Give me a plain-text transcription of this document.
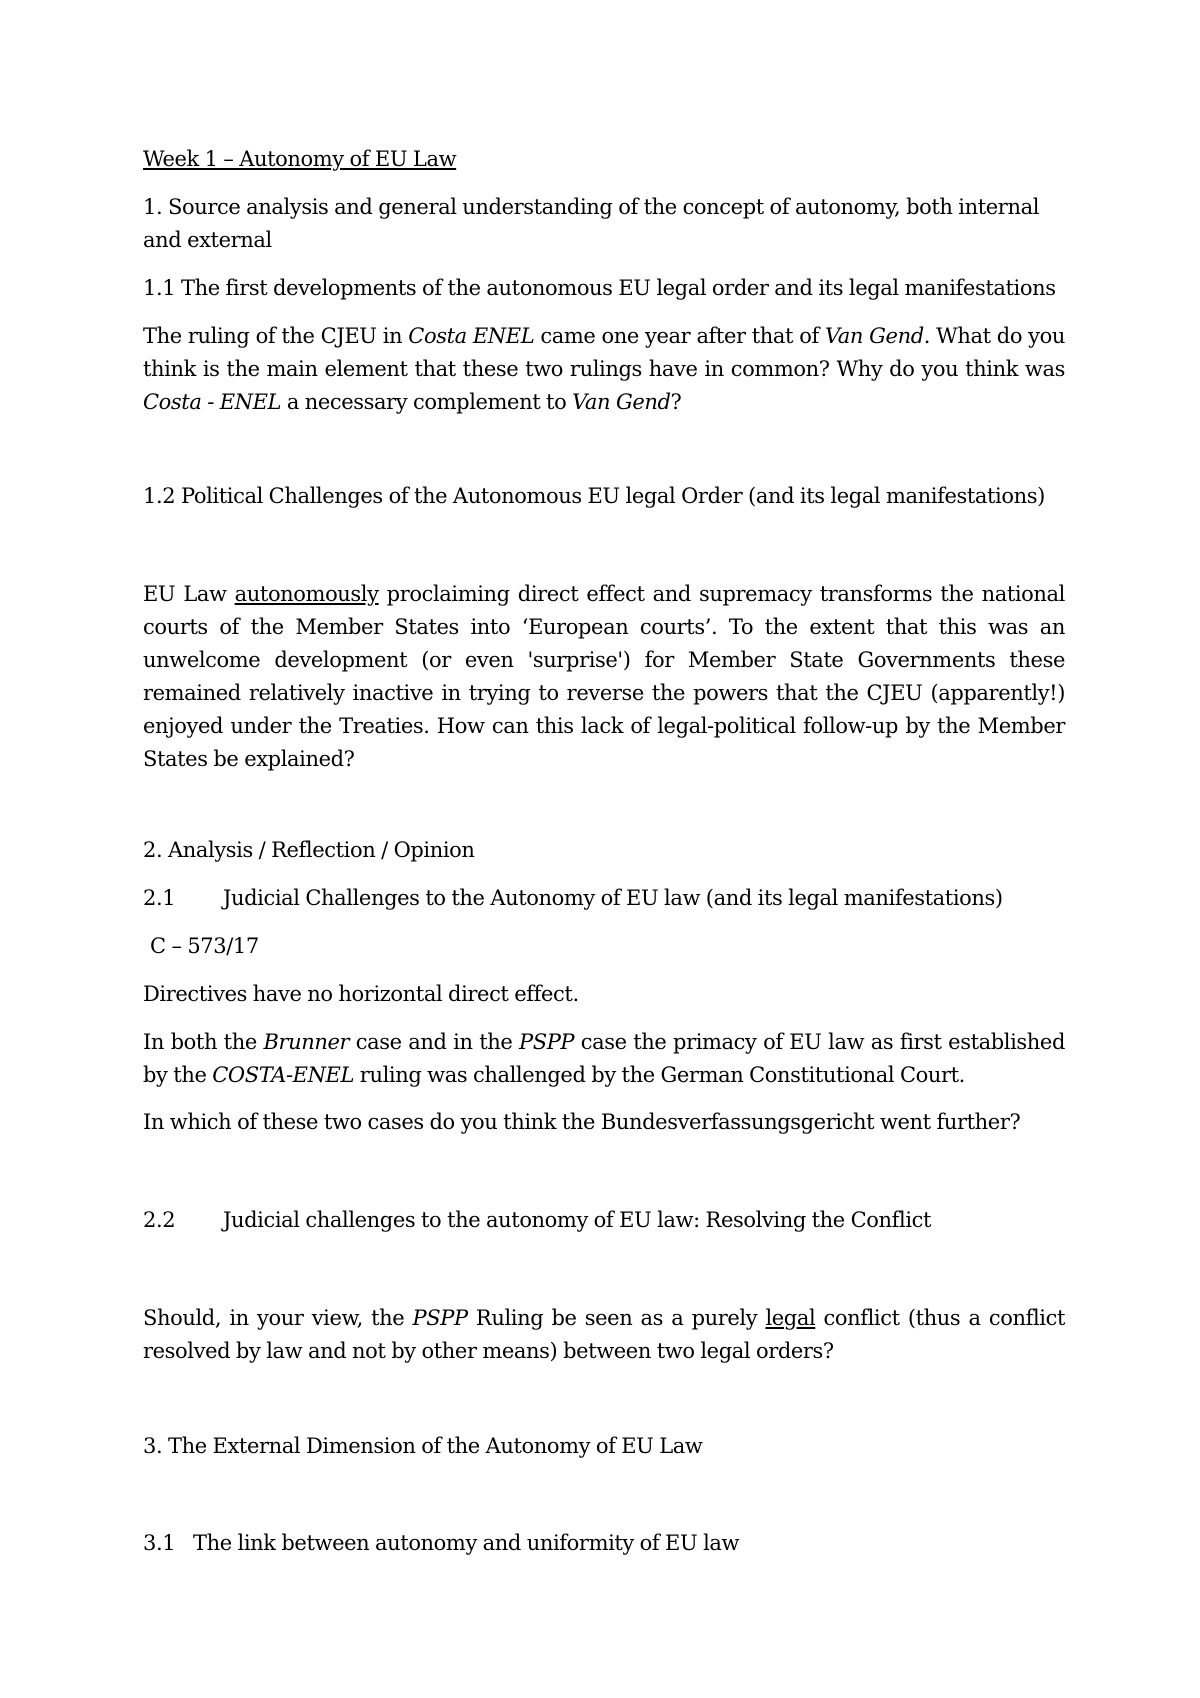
Week 1 – Autonomy of EU Law

1. Source analysis and general understanding of the concept of autonomy, both internal
and external

1.1 The first developments of the autonomous EU legal order and its legal manifestations

The ruling of the CJEU in Costa ENEL came one year after that of Van Gend. What do you think is the main element that these two rulings have in common? Why do you think was Costa - ENEL a necessary complement to Van Gend?

1.2 Political Challenges of the Autonomous EU legal Order (and its legal manifestations)

EU Law autonomously proclaiming direct effect and supremacy transforms the national courts of the Member States into ‘European courts’. To the extent that this was an unwelcome development (or even 'surprise') for Member State Governments these remained relatively inactive in trying to reverse the powers that the CJEU (apparently!) enjoyed under the Treaties. How can this lack of legal-political follow-up by the Member States be explained?

2. Analysis / Reflection / Opinion

2.1 Judicial Challenges to the Autonomy of EU law (and its legal manifestations)

C – 573/17

Directives have no horizontal direct effect.

In both the Brunner case and in the PSPP case the primacy of EU law as first established by the COSTA-ENEL ruling was challenged by the German Constitutional Court.

In which of these two cases do you think the Bundesverfassungsgericht went further?

2.2 Judicial challenges to the autonomy of EU law: Resolving the Conflict

Should, in your view, the PSPP Ruling be seen as a purely legal conflict (thus a conflict resolved by law and not by other means) between two legal orders?

3. The External Dimension of the Autonomy of EU Law

3.1 The link between autonomy and uniformity of EU law
